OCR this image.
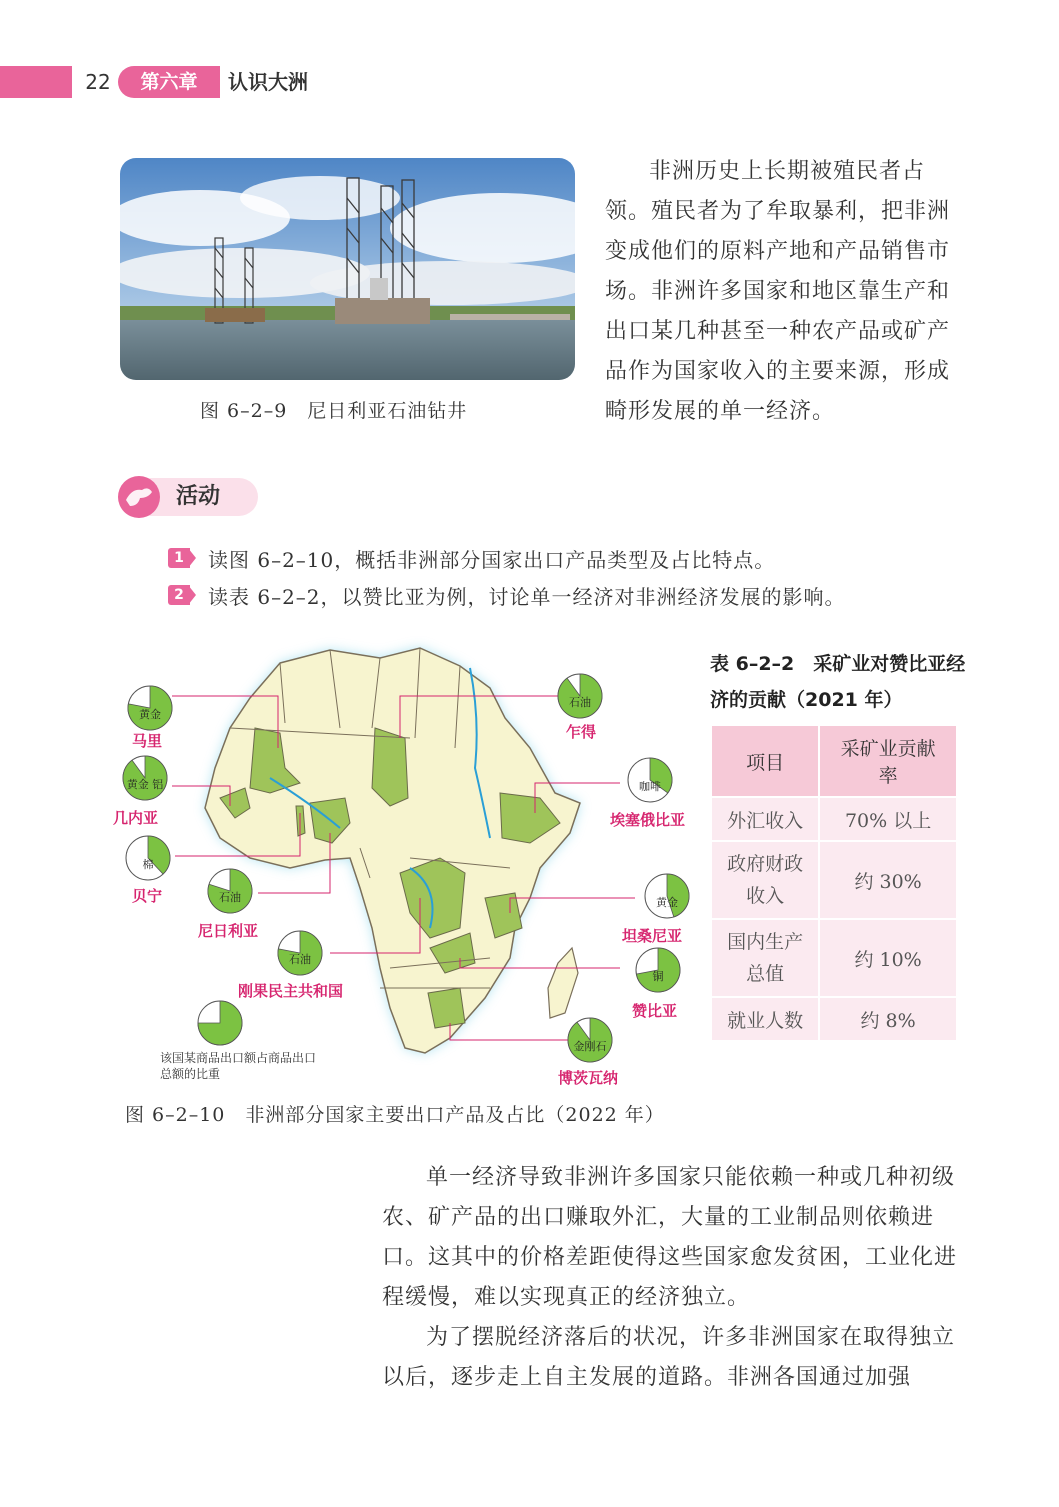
22	第六章	认识大洲
图 6–2–9　尼日利亚石油钻井
非洲历史上长期被殖民者占领。殖民者为了牟取暴利，把非洲变成他们的原料产地和产品销售市场。非洲许多国家和地区靠生产和出口某几种甚至一种农产品或矿产品作为国家收入的主要来源，形成畸形发展的单一经济。
活动
1	读图 6–2–10，概括非洲部分国家出口产品类型及占比特点。
2	读表 6–2–2，以赞比亚为例，讨论单一经济对非洲经济发展的影响。
马里
几内亚
贝宁
尼日利亚
刚果民主共和国
乍得
埃塞俄比亚
坦桑尼亚
赞比亚
博茨瓦纳
黄金
黄金 铝
棉
石油
石油
石油
咖啡
黄金
铜
金刚石
该国某商品出口额占商品出口总额的比重
图 6–2–10　非洲部分国家主要出口产品及占比（2022 年）
表 6–2–2　采矿业对赞比亚经济的贡献（2021 年）
项目	采矿业贡献率
外汇收入	70% 以上
政府财政收入	约 30%
国内生产总值	约 10%
就业人数	约 8%
单一经济导致非洲许多国家只能依赖一种或几种初级农、矿产品的出口赚取外汇，大量的工业制品则依赖进口。这其中的价格差距使得这些国家愈发贫困，工业化进程缓慢，难以实现真正的经济独立。
为了摆脱经济落后的状况，许多非洲国家在取得独立以后，逐步走上自主发展的道路。非洲各国通过加强
